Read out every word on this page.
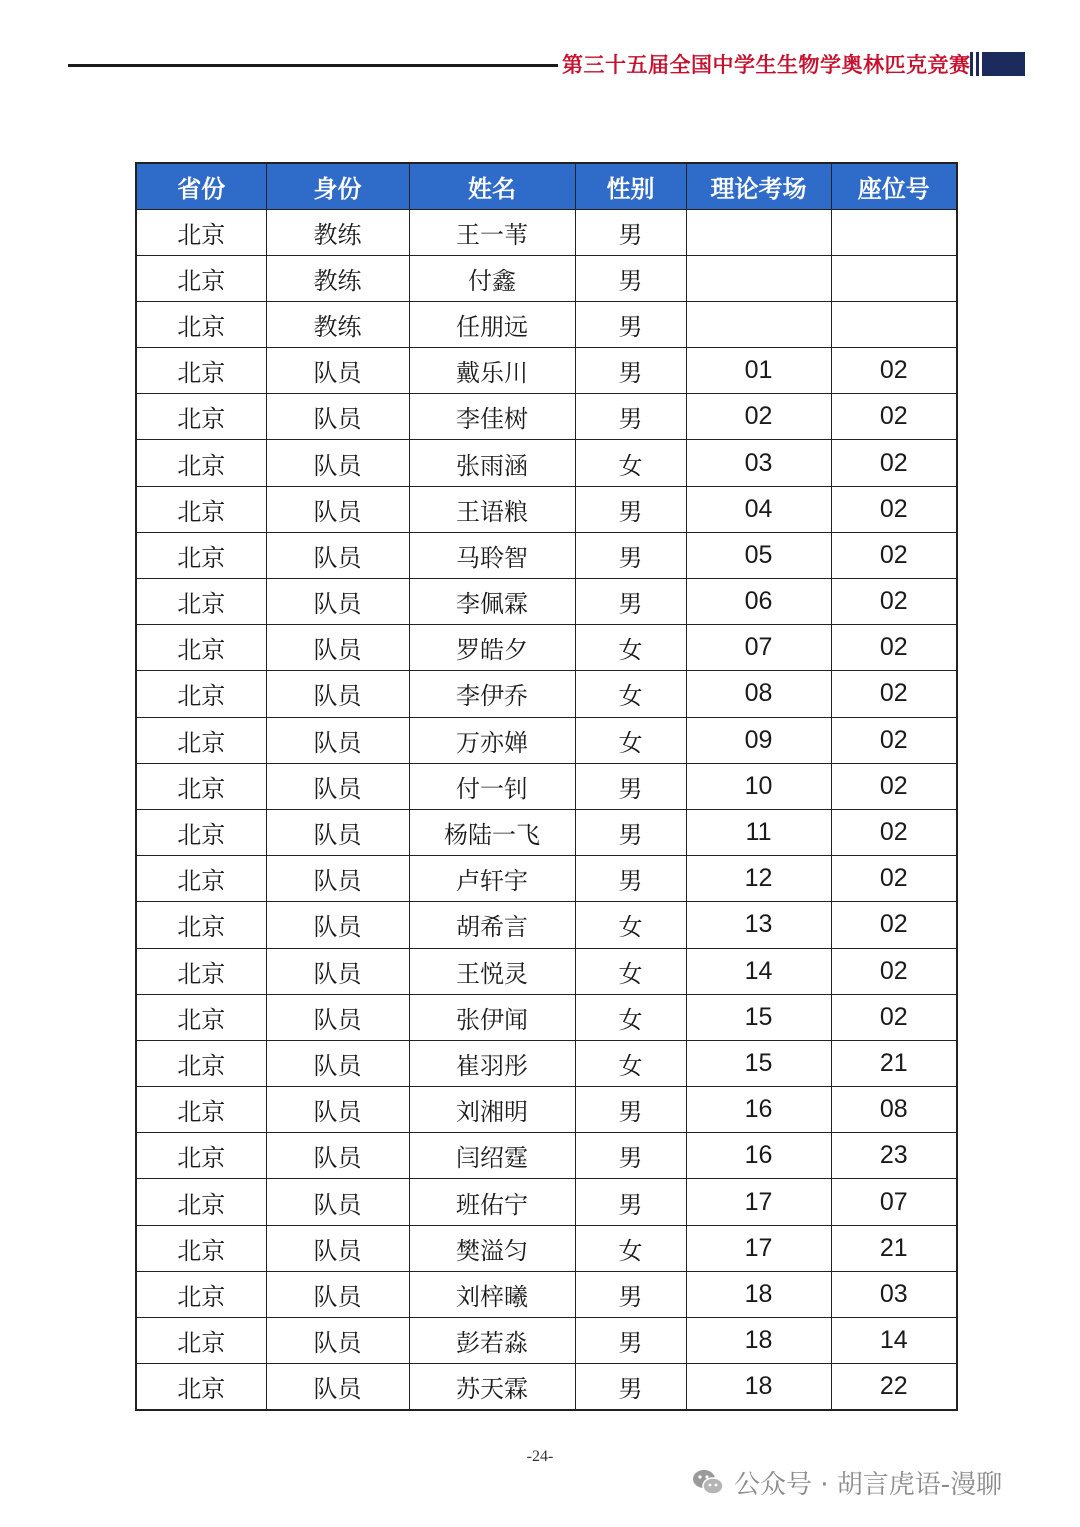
第三十五届全国中学生生物学奥林匹克竞赛
省份	身份	姓名	性别	理论考场	座位号
北京	教练	王一苇	男		
北京	教练	付鑫	男		
北京	教练	任朋远	男		
北京	队员	戴乐川	男	01	02
北京	队员	李佳树	男	02	02
北京	队员	张雨涵	女	03	02
北京	队员	王语粮	男	04	02
北京	队员	马聆智	男	05	02
北京	队员	李佩霖	男	06	02
北京	队员	罗皓夕	女	07	02
北京	队员	李伊乔	女	08	02
北京	队员	万亦婵	女	09	02
北京	队员	付一钊	男	10	02
北京	队员	杨陆一飞	男	11	02
北京	队员	卢轩宇	男	12	02
北京	队员	胡希言	女	13	02
北京	队员	王悦灵	女	14	02
北京	队员	张伊闻	女	15	02
北京	队员	崔羽彤	女	15	21
北京	队员	刘湘明	男	16	08
北京	队员	闫绍霆	男	16	23
北京	队员	班佑宁	男	17	07
北京	队员	樊溢匀	女	17	21
北京	队员	刘梓曦	男	18	03
北京	队员	彭若淼	男	18	14
北京	队员	苏天霖	男	18	22
-24-
公众号 · 胡言虎语-漫聊
